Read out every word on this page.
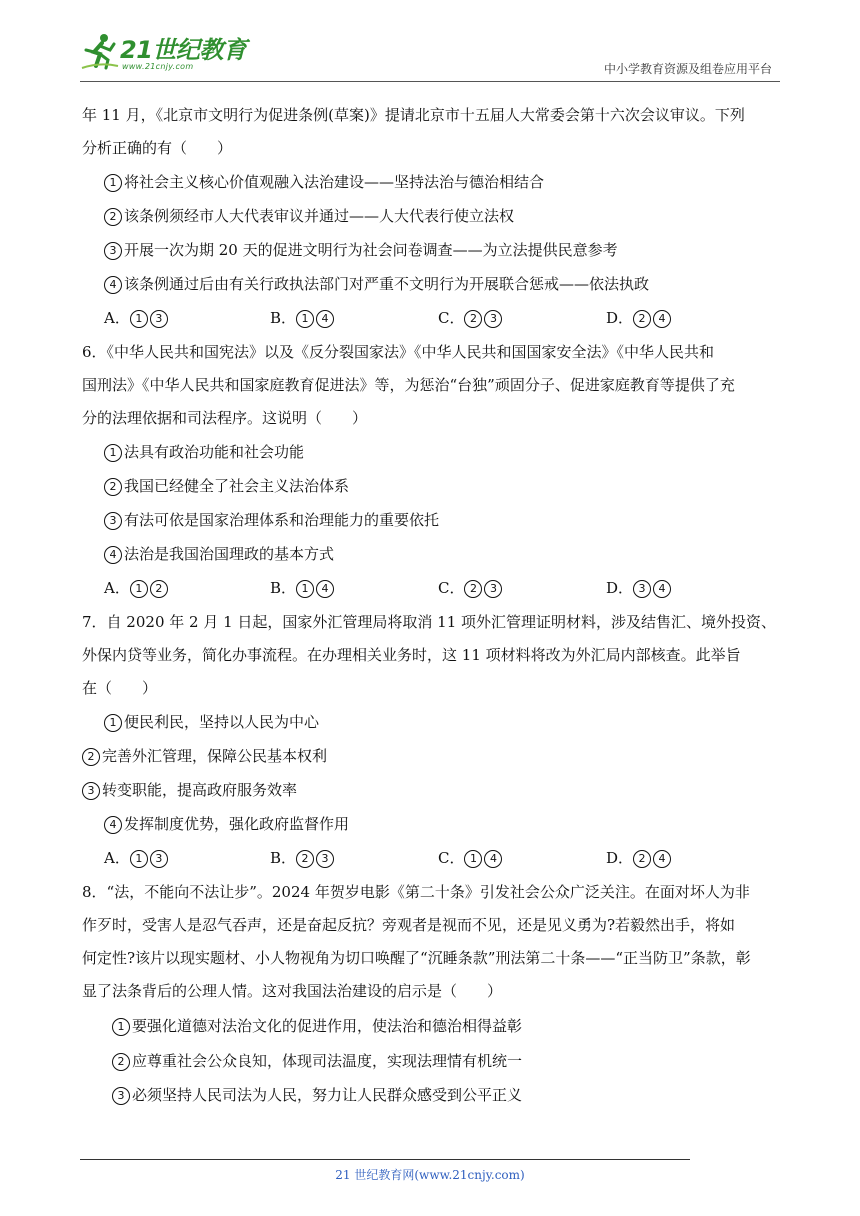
21世纪教育
www.21cnjy.com	中小学教育资源及组卷应用平台
年 11 月，《北京市文明行为促进条例(草案)》提请北京市十五届人大常委会第十六次会议审议。下列
分析正确的有（　　）
1 将社会主义核心价值观融入法治建设——坚持法治与德治相结合
2 该条例须经市人大代表审议并通过——人大代表行使立法权
3 开展一次为期 20 天的促进文明行为社会问卷调查——为立法提供民意参考
4 该条例通过后由有关行政执法部门对严重不文明行为开展联合惩戒——依法执政
A． 1 3	B． 1 4	C． 2 3	D． 2 4
6．《中华人民共和国宪法》以及《反分裂国家法》《中华人民共和国国家安全法》《中华人民共和
国刑法》《中华人民共和国家庭教育促进法》等，为惩治“台独”顽固分子、促进家庭教育等提供了充
分的法理依据和司法程序。这说明（　　）
1 法具有政治功能和社会功能
2 我国已经健全了社会主义法治体系
3 有法可依是国家治理体系和治理能力的重要依托
4 法治是我国治国理政的基本方式
A． 1 2	B． 1 4	C． 2 3	D． 3 4
7．自 2020 年 2 月 1 日起，国家外汇管理局将取消 11 项外汇管理证明材料，涉及结售汇、境外投资、
外保内贷等业务，简化办事流程。在办理相关业务时，这 11 项材料将改为外汇局内部核查。此举旨
在（　　）
1 便民利民，坚持以人民为中心
2 完善外汇管理，保障公民基本权利
3 转变职能，提高政府服务效率
4 发挥制度优势，强化政府监督作用
A． 1 3	B． 2 3	C． 1 4	D． 2 4
8．“法，不能向不法让步”。2024 年贺岁电影《第二十条》引发社会公众广泛关注。在面对坏人为非
作歹时，受害人是忍气吞声，还是奋起反抗？旁观者是视而不见，还是见义勇为?若毅然出手，将如
何定性?该片以现实题材、小人物视角为切口唤醒了“沉睡条款”刑法第二十条——“正当防卫”条款，彰
显了法条背后的公理人情。这对我国法治建设的启示是（　　）
1 要强化道德对法治文化的促进作用，使法治和德治相得益彰
2 应尊重社会公众良知，体现司法温度，实现法理情有机统一
3 必须坚持人民司法为人民，努力让人民群众感受到公平正义
21 世纪教育网(www.21cnjy.com)
